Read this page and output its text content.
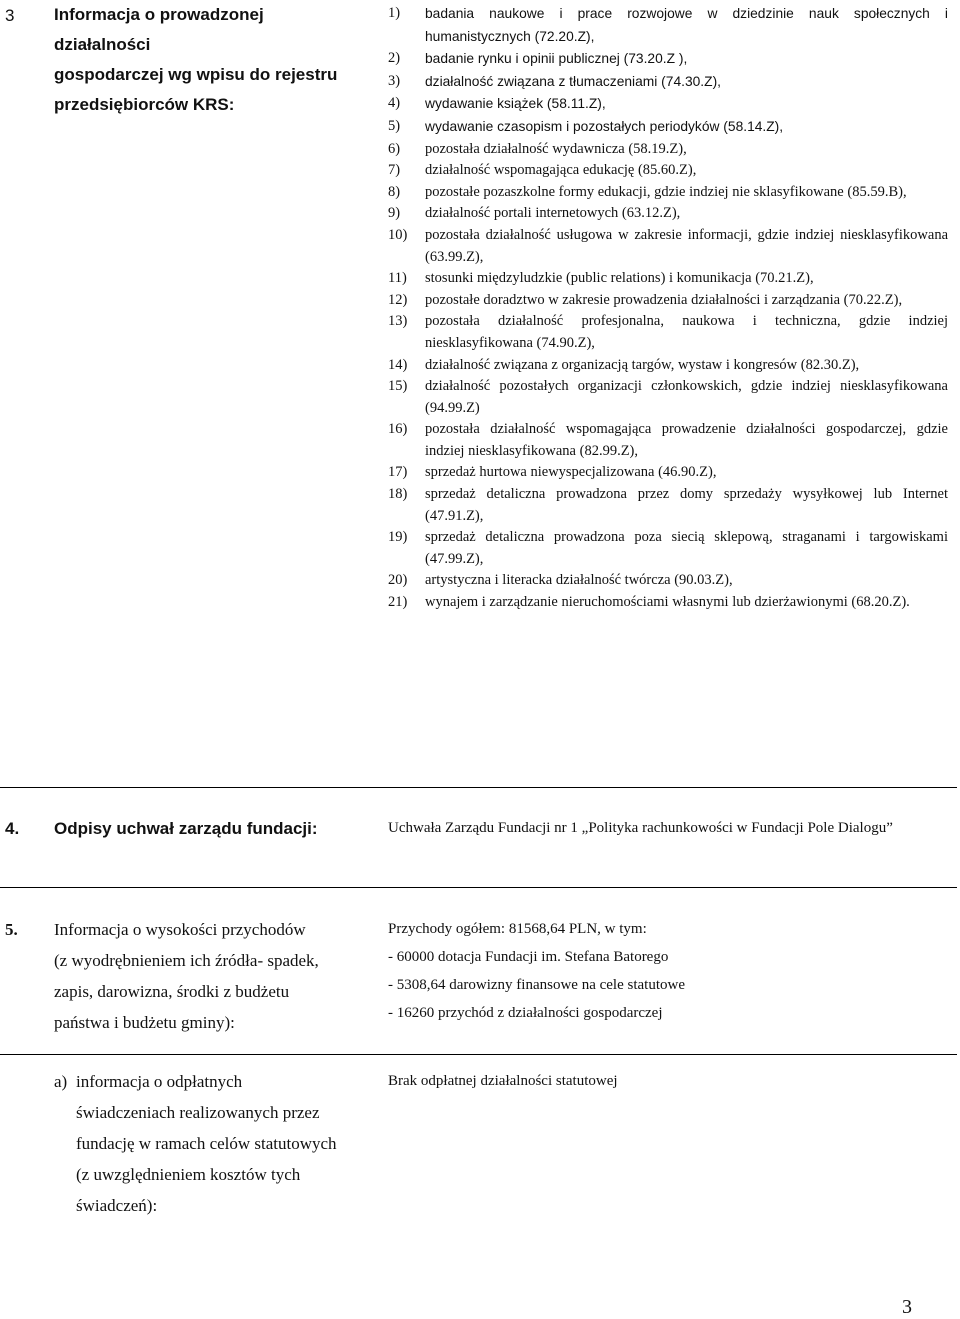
3 Informacja o prowadzonej działalności
gospodarczej wg wpisu do rejestru
przedsiębiorców KRS:
1) badania naukowe i prace rozwojowe w dziedzinie nauk społecznych i humanistycznych (72.20.Z),
2) badanie rynku i opinii publicznej (73.20.Z ),
3) działalność związana z tłumaczeniami (74.30.Z),
4) wydawanie książek (58.11.Z),
5) wydawanie czasopism i pozostałych periodyków (58.14.Z),
6) pozostała działalność wydawnicza (58.19.Z),
7) działalność wspomagająca edukację (85.60.Z),
8) pozostałe pozaszkolne formy edukacji, gdzie indziej nie sklasyfikowane (85.59.B),
9) działalność portali internetowych (63.12.Z),
10) pozostała działalność usługowa w zakresie informacji, gdzie indziej niesklasyfikowana (63.99.Z),
11) stosunki międzyludzkie (public relations) i komunikacja (70.21.Z),
12) pozostałe doradztwo w zakresie prowadzenia działalności i zarządzania (70.22.Z),
13) pozostała działalność profesjonalna, naukowa i techniczna, gdzie indziej niesklasyfikowana (74.90.Z),
14) działalność związana z organizacją targów, wystaw i kongresów (82.30.Z),
15) działalność pozostałych organizacji członkowskich, gdzie indziej niesklasyfikowana (94.99.Z)
16) pozostała działalność wspomagająca prowadzenie działalności gospodarczej, gdzie indziej niesklasyfikowana (82.99.Z),
17) sprzedaż hurtowa niewyspecjalizowana (46.90.Z),
18) sprzedaż detaliczna prowadzona przez domy sprzedaży wysyłkowej lub Internet (47.91.Z),
19) sprzedaż detaliczna prowadzona poza siecią sklepową, straganami i targowiskami (47.99.Z),
20) artystyczna i literacka działalność twórcza (90.03.Z),
21) wynajem i zarządzanie nieruchomościami własnymi lub dzierżawionymi (68.20.Z).
4. Odpisy uchwał zarządu fundacji:	Uchwała Zarządu Fundacji nr 1 „Polityka rachunkowości w Fundacji Pole Dialogu”
5. Informacja o wysokości przychodów
(z wyodrębnieniem ich źródła- spadek,
zapis, darowizna, środki z budżetu
państwa i budżetu gminy):
Przychody ogółem: 81568,64 PLN, w tym:
- 60000 dotacja Fundacji im. Stefana Batorego
- 5308,64 darowizny finansowe na cele statutowe
- 16260 przychód z działalności gospodarczej
a) informacja o odpłatnych
świadczeniach realizowanych przez
fundację w ramach celów statutowych
(z uwzględnieniem kosztów tych
świadczeń):
Brak odpłatnej działalności statutowej
3
